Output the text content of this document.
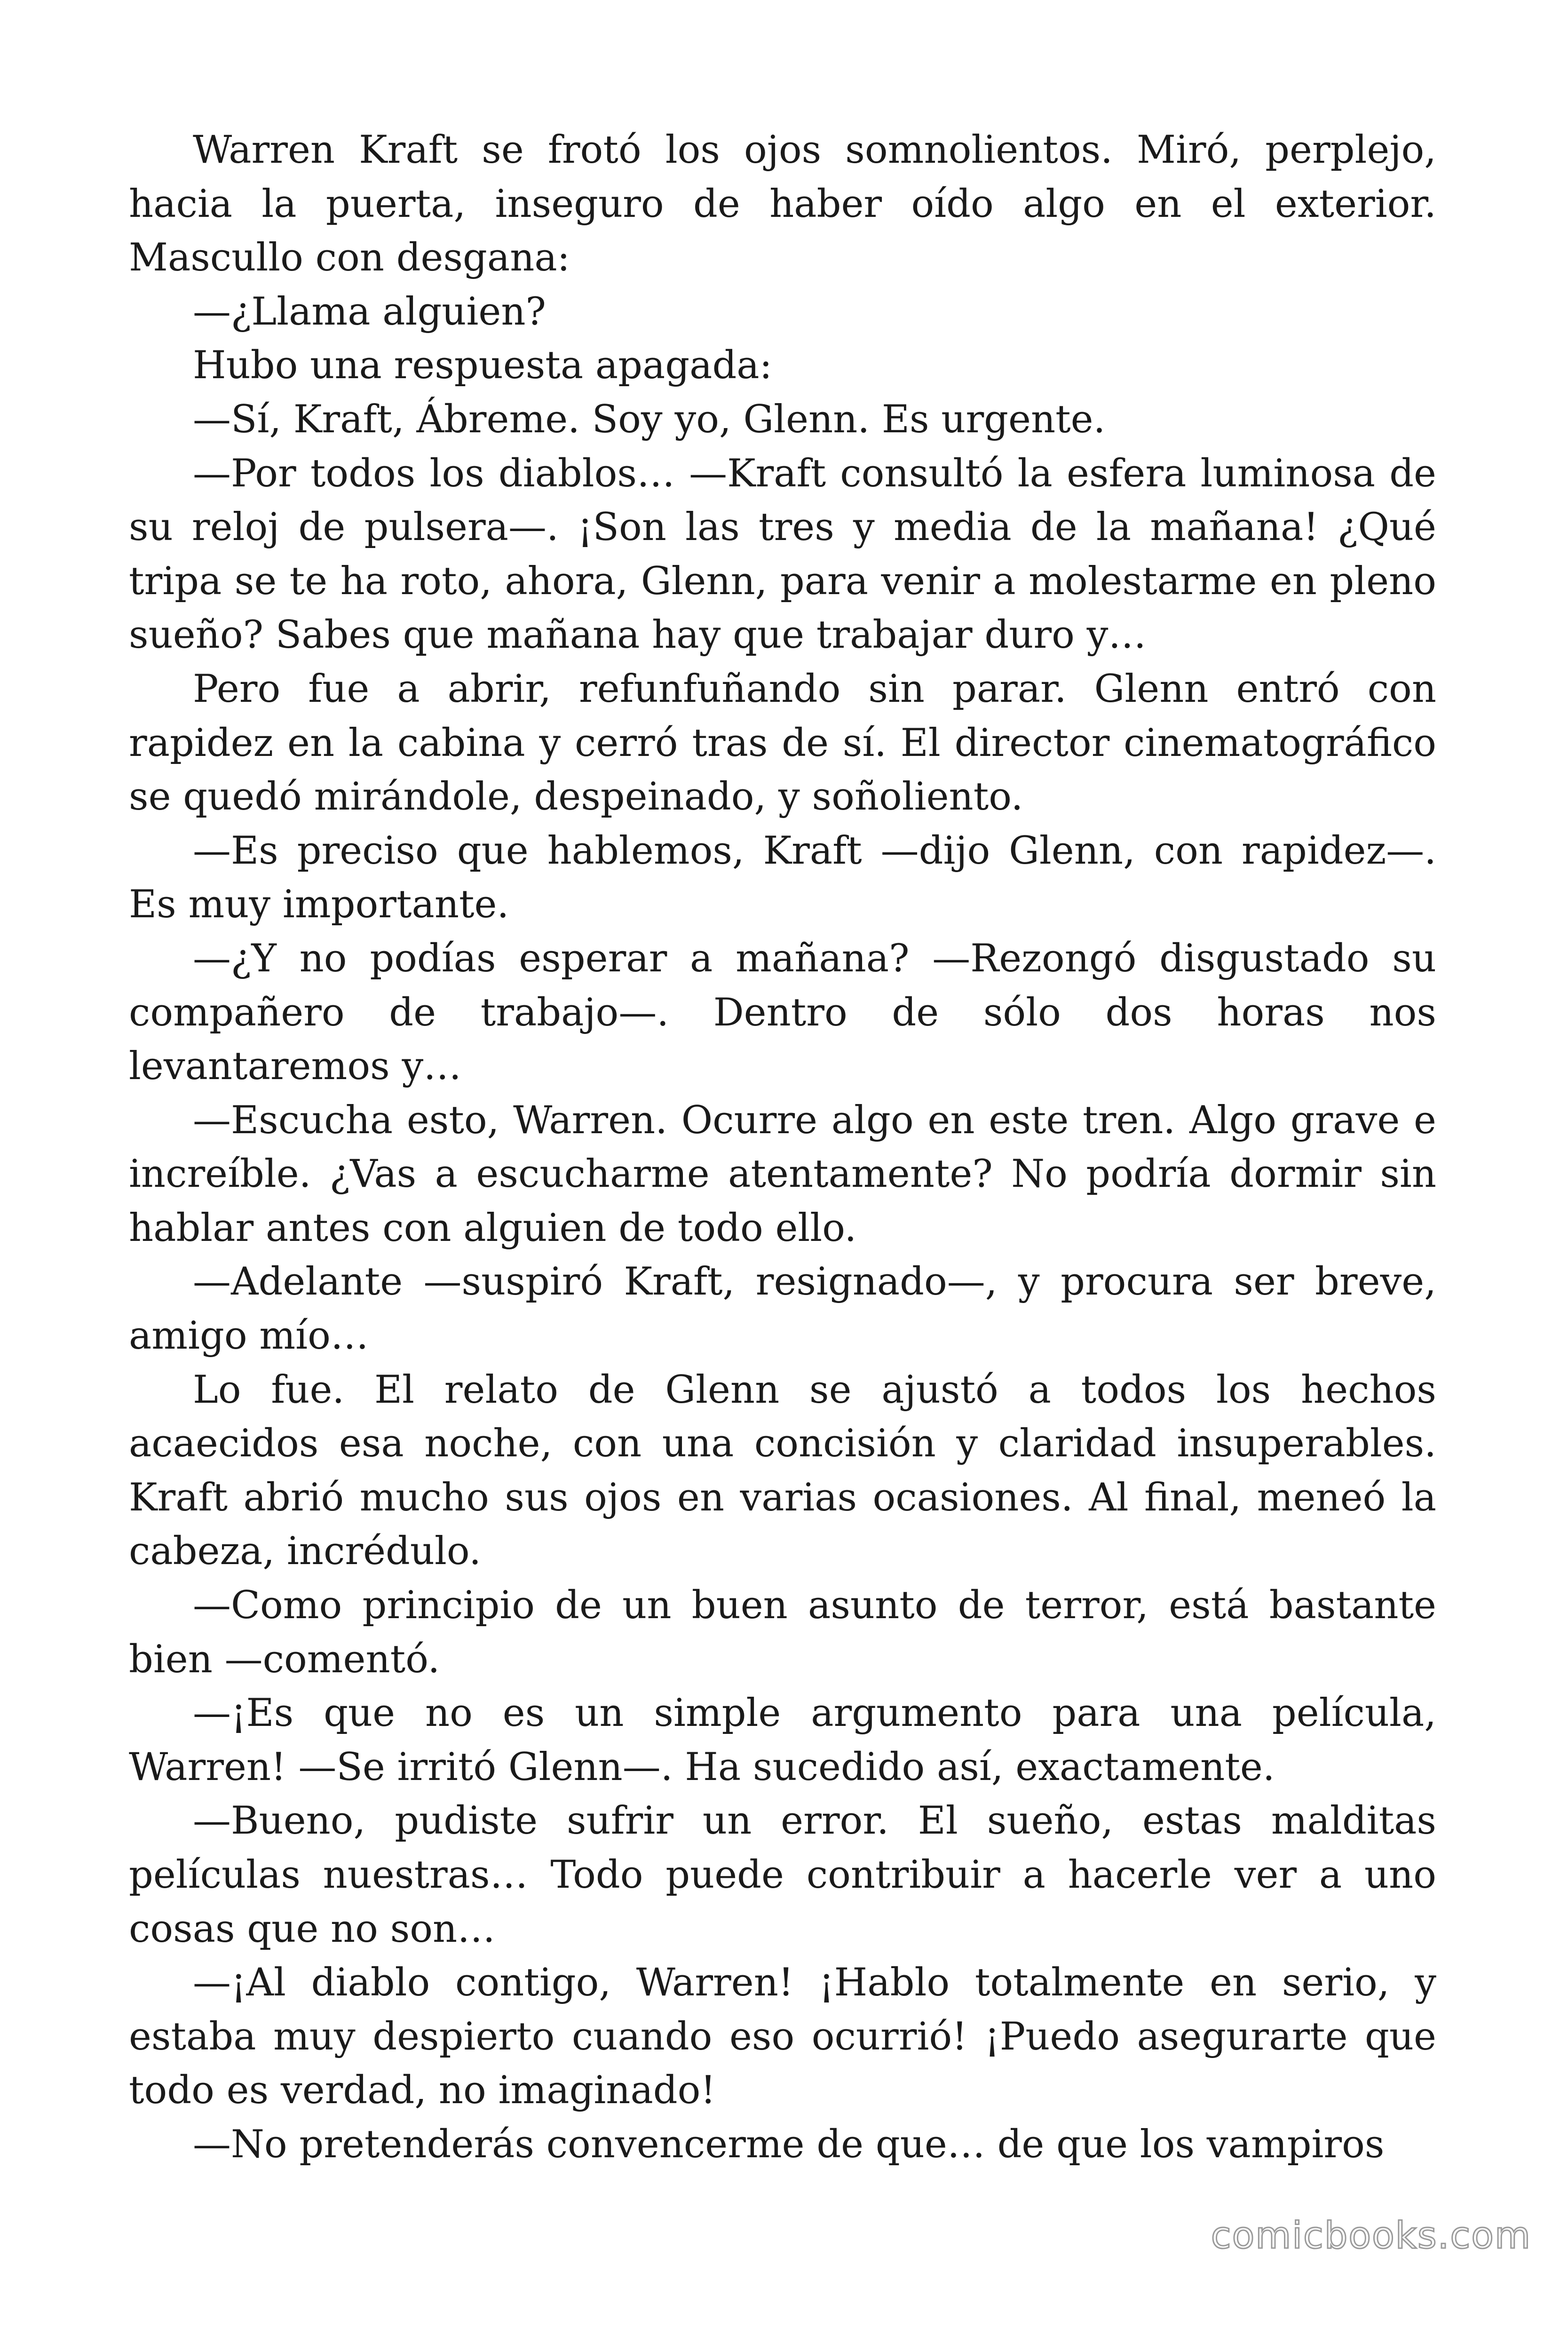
Warren Kraft se frotó los ojos somnolientos. Miró, perplejo, hacia la puerta, inseguro de haber oído algo en el exterior. Mascullo con desgana:

—¿Llama alguien?

Hubo una respuesta apagada:

—Sí, Kraft, Ábreme. Soy yo, Glenn. Es urgente.

—Por todos los diablos… —Kraft consultó la esfera luminosa de su reloj de pulsera—. ¡Son las tres y media de la mañana! ¿Qué tripa se te ha roto, ahora, Glenn, para venir a molestarme en pleno sueño? Sabes que mañana hay que trabajar duro y…

Pero fue a abrir, refunfuñando sin parar. Glenn entró con rapidez en la cabina y cerró tras de sí. El director cinematográfico se quedó mirándole, despeinado, y soñoliento.

—Es preciso que hablemos, Kraft —dijo Glenn, con rapidez—. Es muy importante.

—¿Y no podías esperar a mañana? —Rezongó disgustado su compañero de trabajo—. Dentro de sólo dos horas nos levantaremos y…

—Escucha esto, Warren. Ocurre algo en este tren. Algo grave e increíble. ¿Vas a escucharme atentamente? No podría dormir sin hablar antes con alguien de todo ello.

—Adelante —suspiró Kraft, resignado—, y procura ser breve, amigo mío…

Lo fue. El relato de Glenn se ajustó a todos los hechos acaecidos esa noche, con una concisión y claridad insuperables. Kraft abrió mucho sus ojos en varias ocasiones. Al final, meneó la cabeza, incrédulo.

—Como principio de un buen asunto de terror, está bastante bien —comentó.

—¡Es que no es un simple argumento para una película, Warren! —Se irritó Glenn—. Ha sucedido así, exactamente.

—Bueno, pudiste sufrir un error. El sueño, estas malditas películas nuestras… Todo puede contribuir a hacerle ver a uno cosas que no son…

—¡Al diablo contigo, Warren! ¡Hablo totalmente en serio, y estaba muy despierto cuando eso ocurrió! ¡Puedo asegurarte que todo es verdad, no imaginado!

—No pretenderás convencerme de que… de que los vampiros

comicbooks.com
